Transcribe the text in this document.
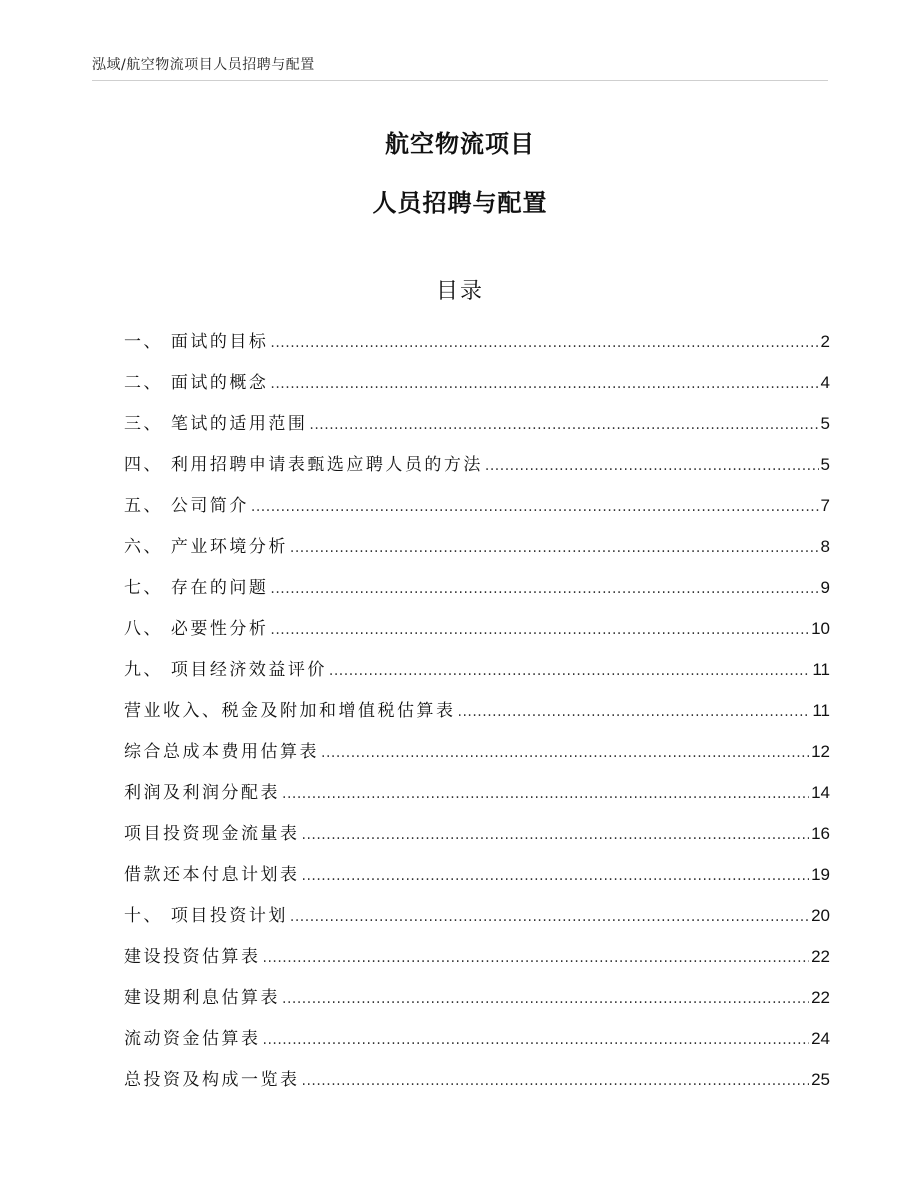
泓域/航空物流项目人员招聘与配置
航空物流项目
人员招聘与配置
目录
一、 面试的目标 .....	2
二、 面试的概念 .....	4
三、 笔试的适用范围 .....	5
四、 利用招聘申请表甄选应聘人员的方法 .....	5
五、 公司简介 .....	7
六、 产业环境分析 .....	8
七、 存在的问题 .....	9
八、 必要性分析 .....	10
九、 项目经济效益评价 .....	11
营业收入、税金及附加和增值税估算表 .....	11
综合总成本费用估算表 .....	12
利润及利润分配表 .....	14
项目投资现金流量表 .....	16
借款还本付息计划表 .....	19
十、 项目投资计划 .....	20
建设投资估算表 .....	22
建设期利息估算表 .....	22
流动资金估算表 .....	24
总投资及构成一览表 .....	25
